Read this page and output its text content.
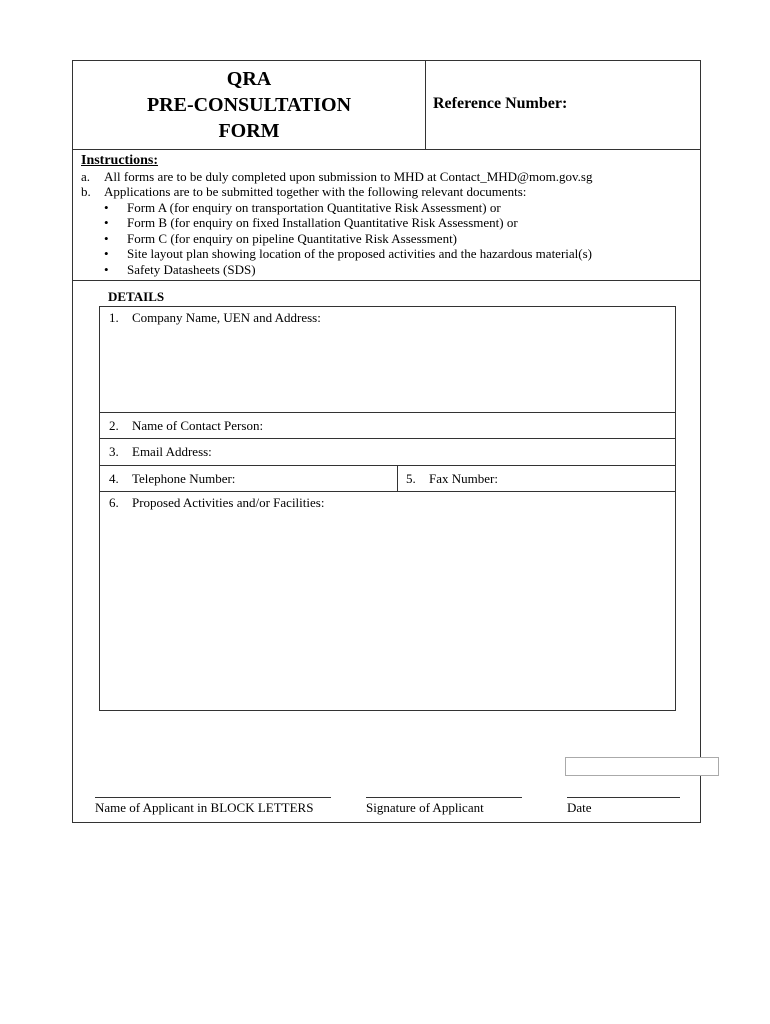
QRA
PRE-CONSULTATION
FORM
Reference Number:
Instructions:
a.	All forms are to be duly completed upon submission to MHD at Contact_MHD@mom.gov.sg
b.	Applications are to be submitted together with the following relevant documents:
•	Form A (for enquiry on transportation Quantitative Risk Assessment) or
•	Form B (for enquiry on fixed Installation Quantitative Risk Assessment) or
•	Form C (for enquiry on pipeline Quantitative Risk Assessment)
•	Site layout plan showing location of the proposed activities and the hazardous material(s)
•	Safety Datasheets (SDS)
DETAILS
1.	Company Name, UEN and Address:
2.	Name of Contact Person:
3.	Email Address:
4.	Telephone Number:	5.	Fax Number:
6.	Proposed Activities and/or Facilities:
Name of Applicant in BLOCK LETTERS	Signature of Applicant	Date
